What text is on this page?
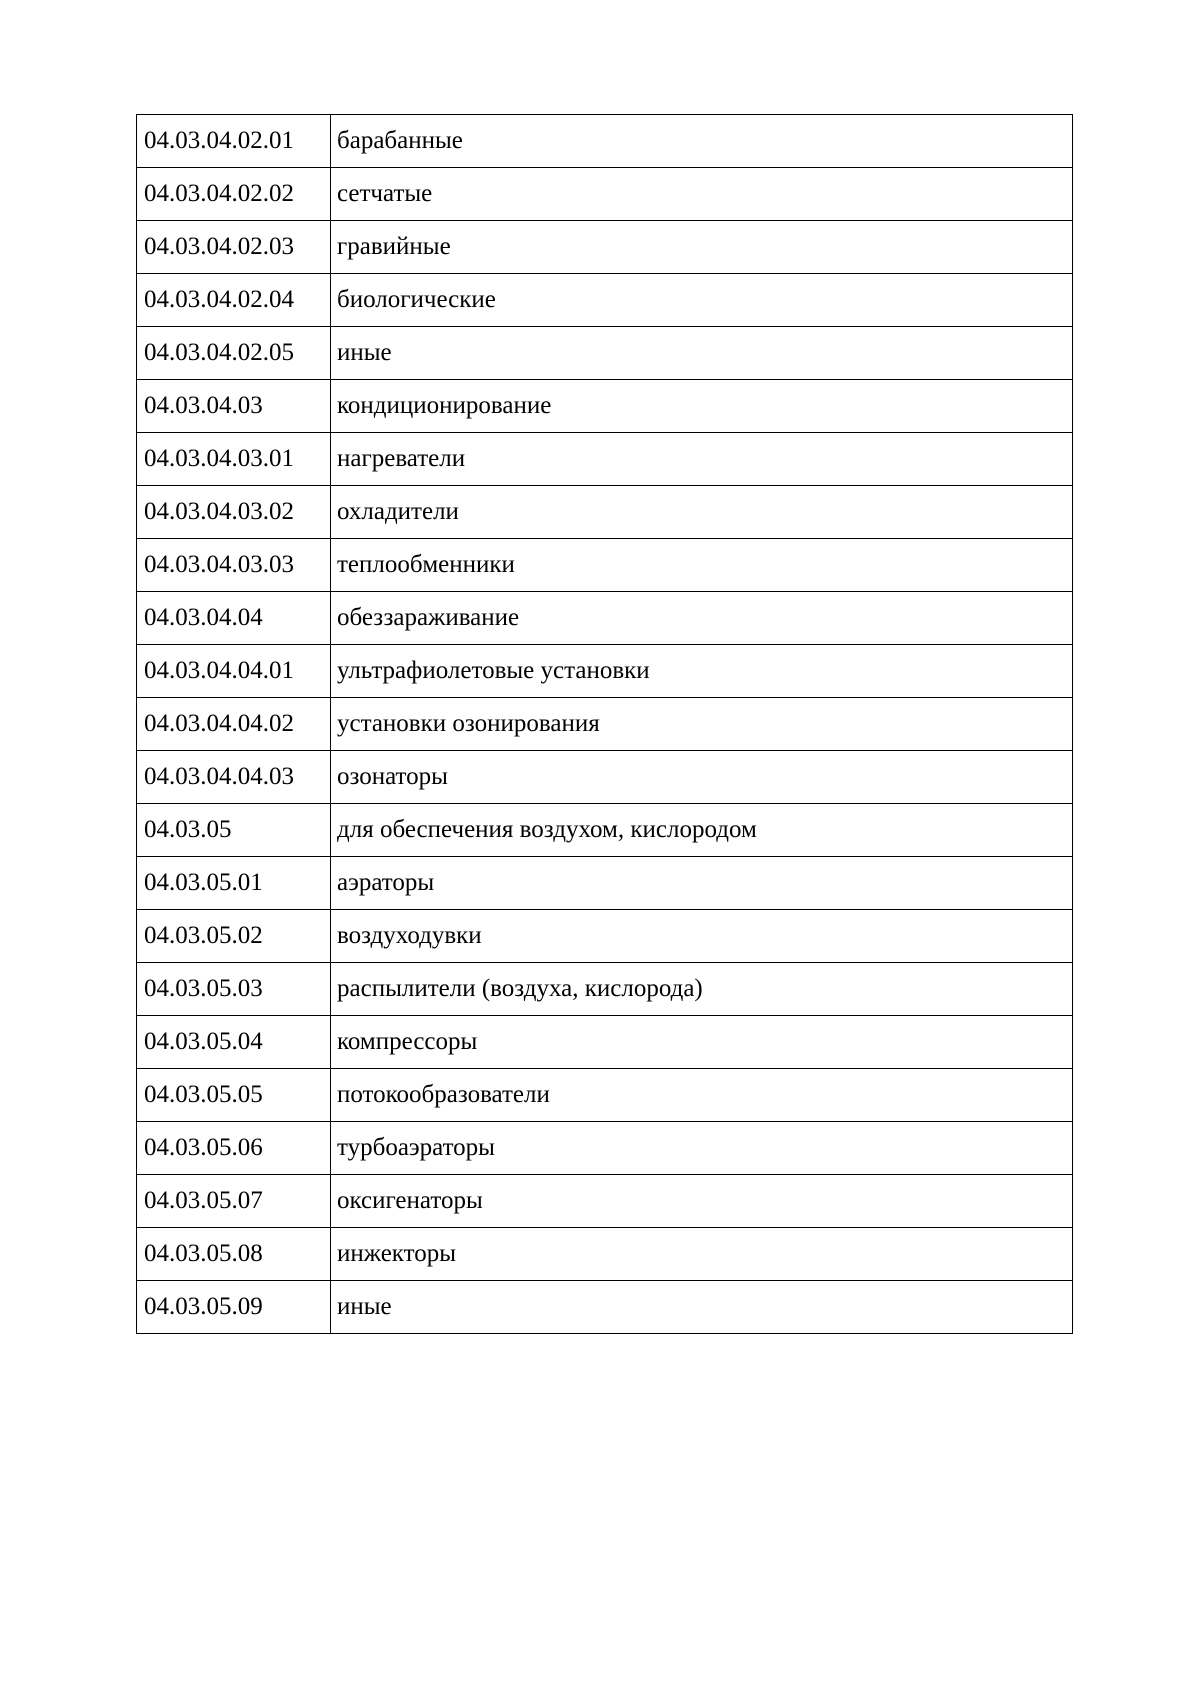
04.03.04.02.01	барабанные
04.03.04.02.02	сетчатые
04.03.04.02.03	гравийные
04.03.04.02.04	биологические
04.03.04.02.05	иные
04.03.04.03	кондиционирование
04.03.04.03.01	нагреватели
04.03.04.03.02	охладители
04.03.04.03.03	теплообменники
04.03.04.04	обеззараживание
04.03.04.04.01	ультрафиолетовые установки
04.03.04.04.02	установки озонирования
04.03.04.04.03	озонаторы
04.03.05	для обеспечения воздухом, кислородом
04.03.05.01	аэраторы
04.03.05.02	воздуходувки
04.03.05.03	распылители (воздуха, кислорода)
04.03.05.04	компрессоры
04.03.05.05	потокообразователи
04.03.05.06	турбоаэраторы
04.03.05.07	оксигенаторы
04.03.05.08	инжекторы
04.03.05.09	иные
